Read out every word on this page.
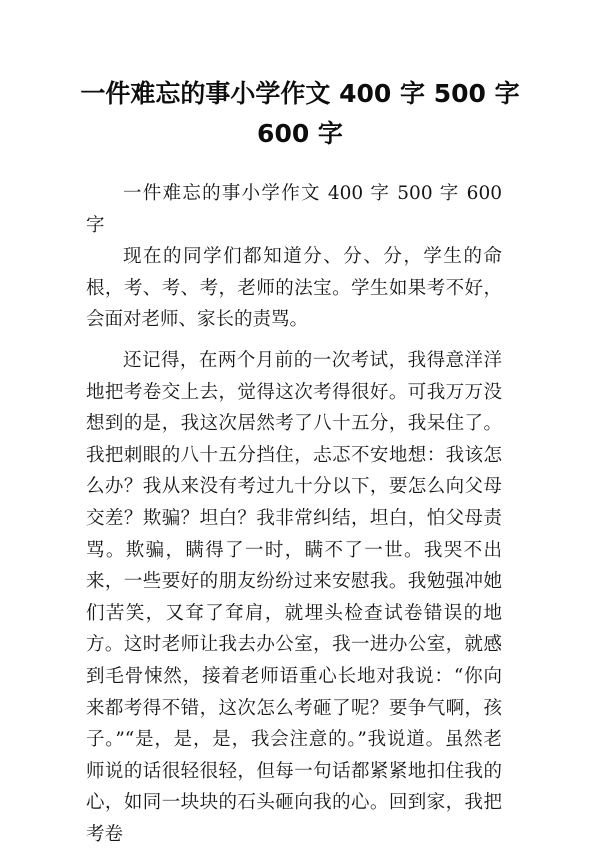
一件难忘的事小学作文 400 字 500 字 600 字

一件难忘的事小学作文 400 字 500 字 600 字

现在的同学们都知道分、分、分，学生的命根，考、考、考，老师的法宝。学生如果考不好，会面对老师、家长的责骂。

还记得，在两个月前的一次考试，我得意洋洋地把考卷交上去，觉得这次考得很好。可我万万没想到的是，我这次居然考了八十五分，我呆住了。我把刺眼的八十五分挡住，忐忑不安地想：我该怎么办？我从来没有考过九十分以下，要怎么向父母交差？欺骗？坦白？我非常纠结，坦白，怕父母责骂。欺骗，瞒得了一时，瞒不了一世。我哭不出来，一些要好的朋友纷纷过来安慰我。我勉强冲她们苦笑，又耷了耷肩，就埋头检查试卷错误的地方。这时老师让我去办公室，我一进办公室，就感到毛骨悚然，接着老师语重心长地对我说：“你向来都考得不错，这次怎么考砸了呢？要争气啊，孩子。”“是，是，是，我会注意的。”我说道。虽然老师说的话很轻很轻，但每一句话都紧紧地扣住我的心，如同一块块的石头砸向我的心。回到家，我把考卷
